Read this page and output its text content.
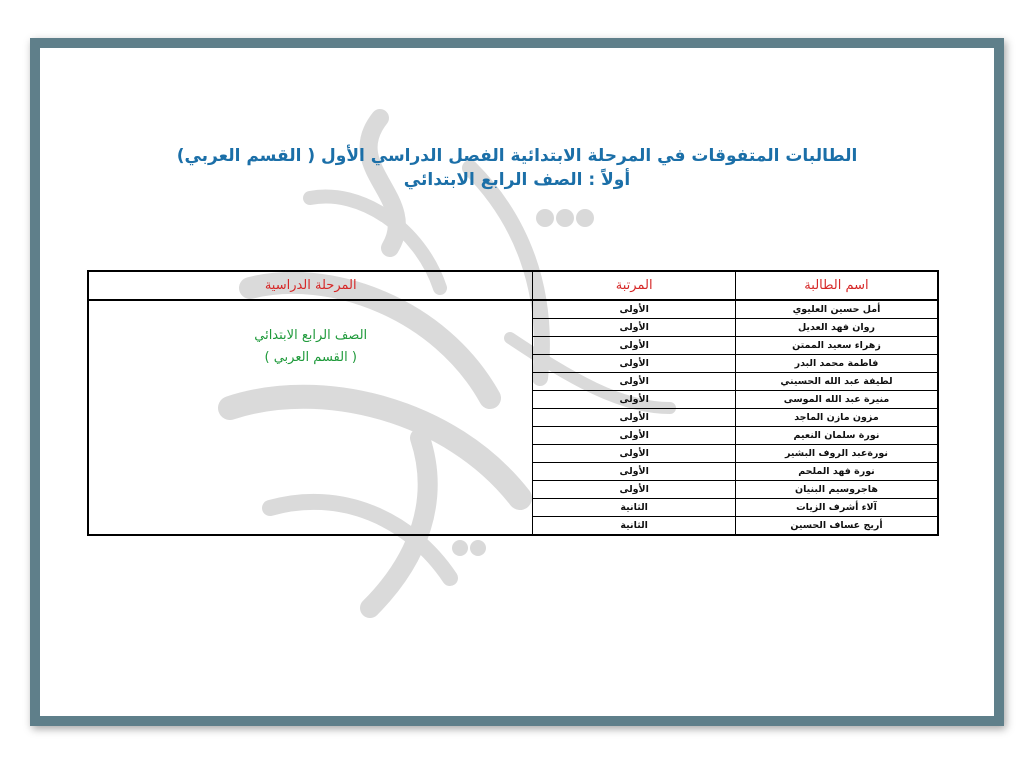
الطالبات المتفوقات في المرحلة الابتدائية الفصل الدراسي الأول ( القسم العربي)
أولاً : الصف الرابع الابتدائي
اسم الطالبة	المرتبة	المرحلة الدراسية
أمل حسين العليوي	الأولى	الصف الرابع الابتدائي
( القسم العربي )

روان فهد العديل	الأولى	
زهراء سعيد الممتن	الأولى	
فاطمة محمد البدر	الأولى	
لطيفة عبد الله الحسيني	الأولى	
منيرة عبد الله الموسى	الأولى	
مزون مازن الماجد	الأولى	
نورة سلمان النعيم	الأولى	
نورةعبد الروف البشير	الأولى	
نورة فهد الملحم	الأولى	
هاجروسيم البنيان	الأولى	
آلاء أشرف الزيات	الثانية	
أريج عساف الحسين	الثانية	
